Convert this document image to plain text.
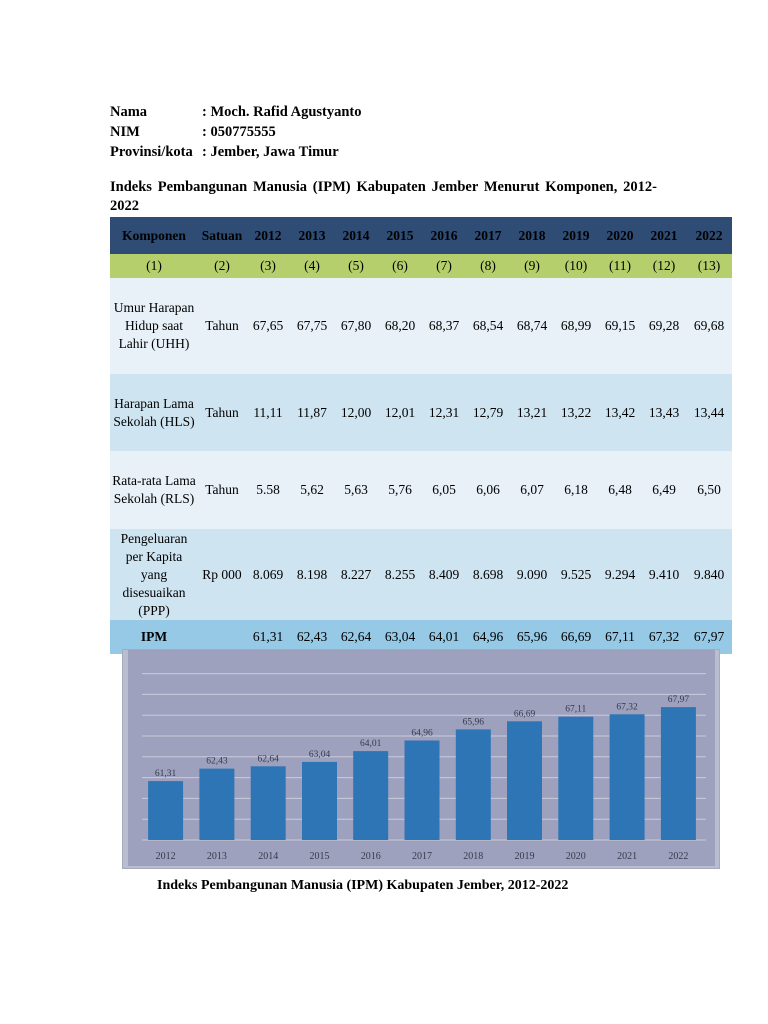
Nama	: Moch. Rafid Agustyanto
NIM	: 050775555
Provinsi/kota : Jember, Jawa Timur
Indeks Pembangunan Manusia (IPM) Kabupaten Jember Menurut Komponen, 2012-2022
Komponen	Satuan	2012	2013	2014	2015	2016	2017	2018	2019	2020	2021	2022
(1)	(2)	(3)	(4)	(5)	(6)	(7)	(8)	(9)	(10)	(11)	(12)	(13)
Umur Harapan Hidup saat Lahir (UHH)	Tahun	67,65	67,75	67,80	68,20	68,37	68,54	68,74	68,99	69,15	69,28	69,68
Harapan Lama Sekolah (HLS)	Tahun	11,11	11,87	12,00	12,01	12,31	12,79	13,21	13,22	13,42	13,43	13,44
Rata-rata Lama Sekolah (RLS)	Tahun	5.58	5,62	5,63	5,76	6,05	6,06	6,07	6,18	6,48	6,49	6,50
Pengeluaran per Kapita yang disesuaikan (PPP)	Rp 000	8.069	8.198	8.227	8.255	8.409	8.698	9.090	9.525	9.294	9.410	9.840
IPM		61,31	62,43	62,64	63,04	64,01	64,96	65,96	66,69	67,11	67,32	67,97
61,31
2012
62,43
2013
62,64
2014
63,04
2015
64,01
2016
64,96
2017
65,96
2018
66,69
2019
67,11
2020
67,32
2021
67,97
2022
Indeks Pembangunan Manusia (IPM) Kabupaten Jember, 2012-2022
